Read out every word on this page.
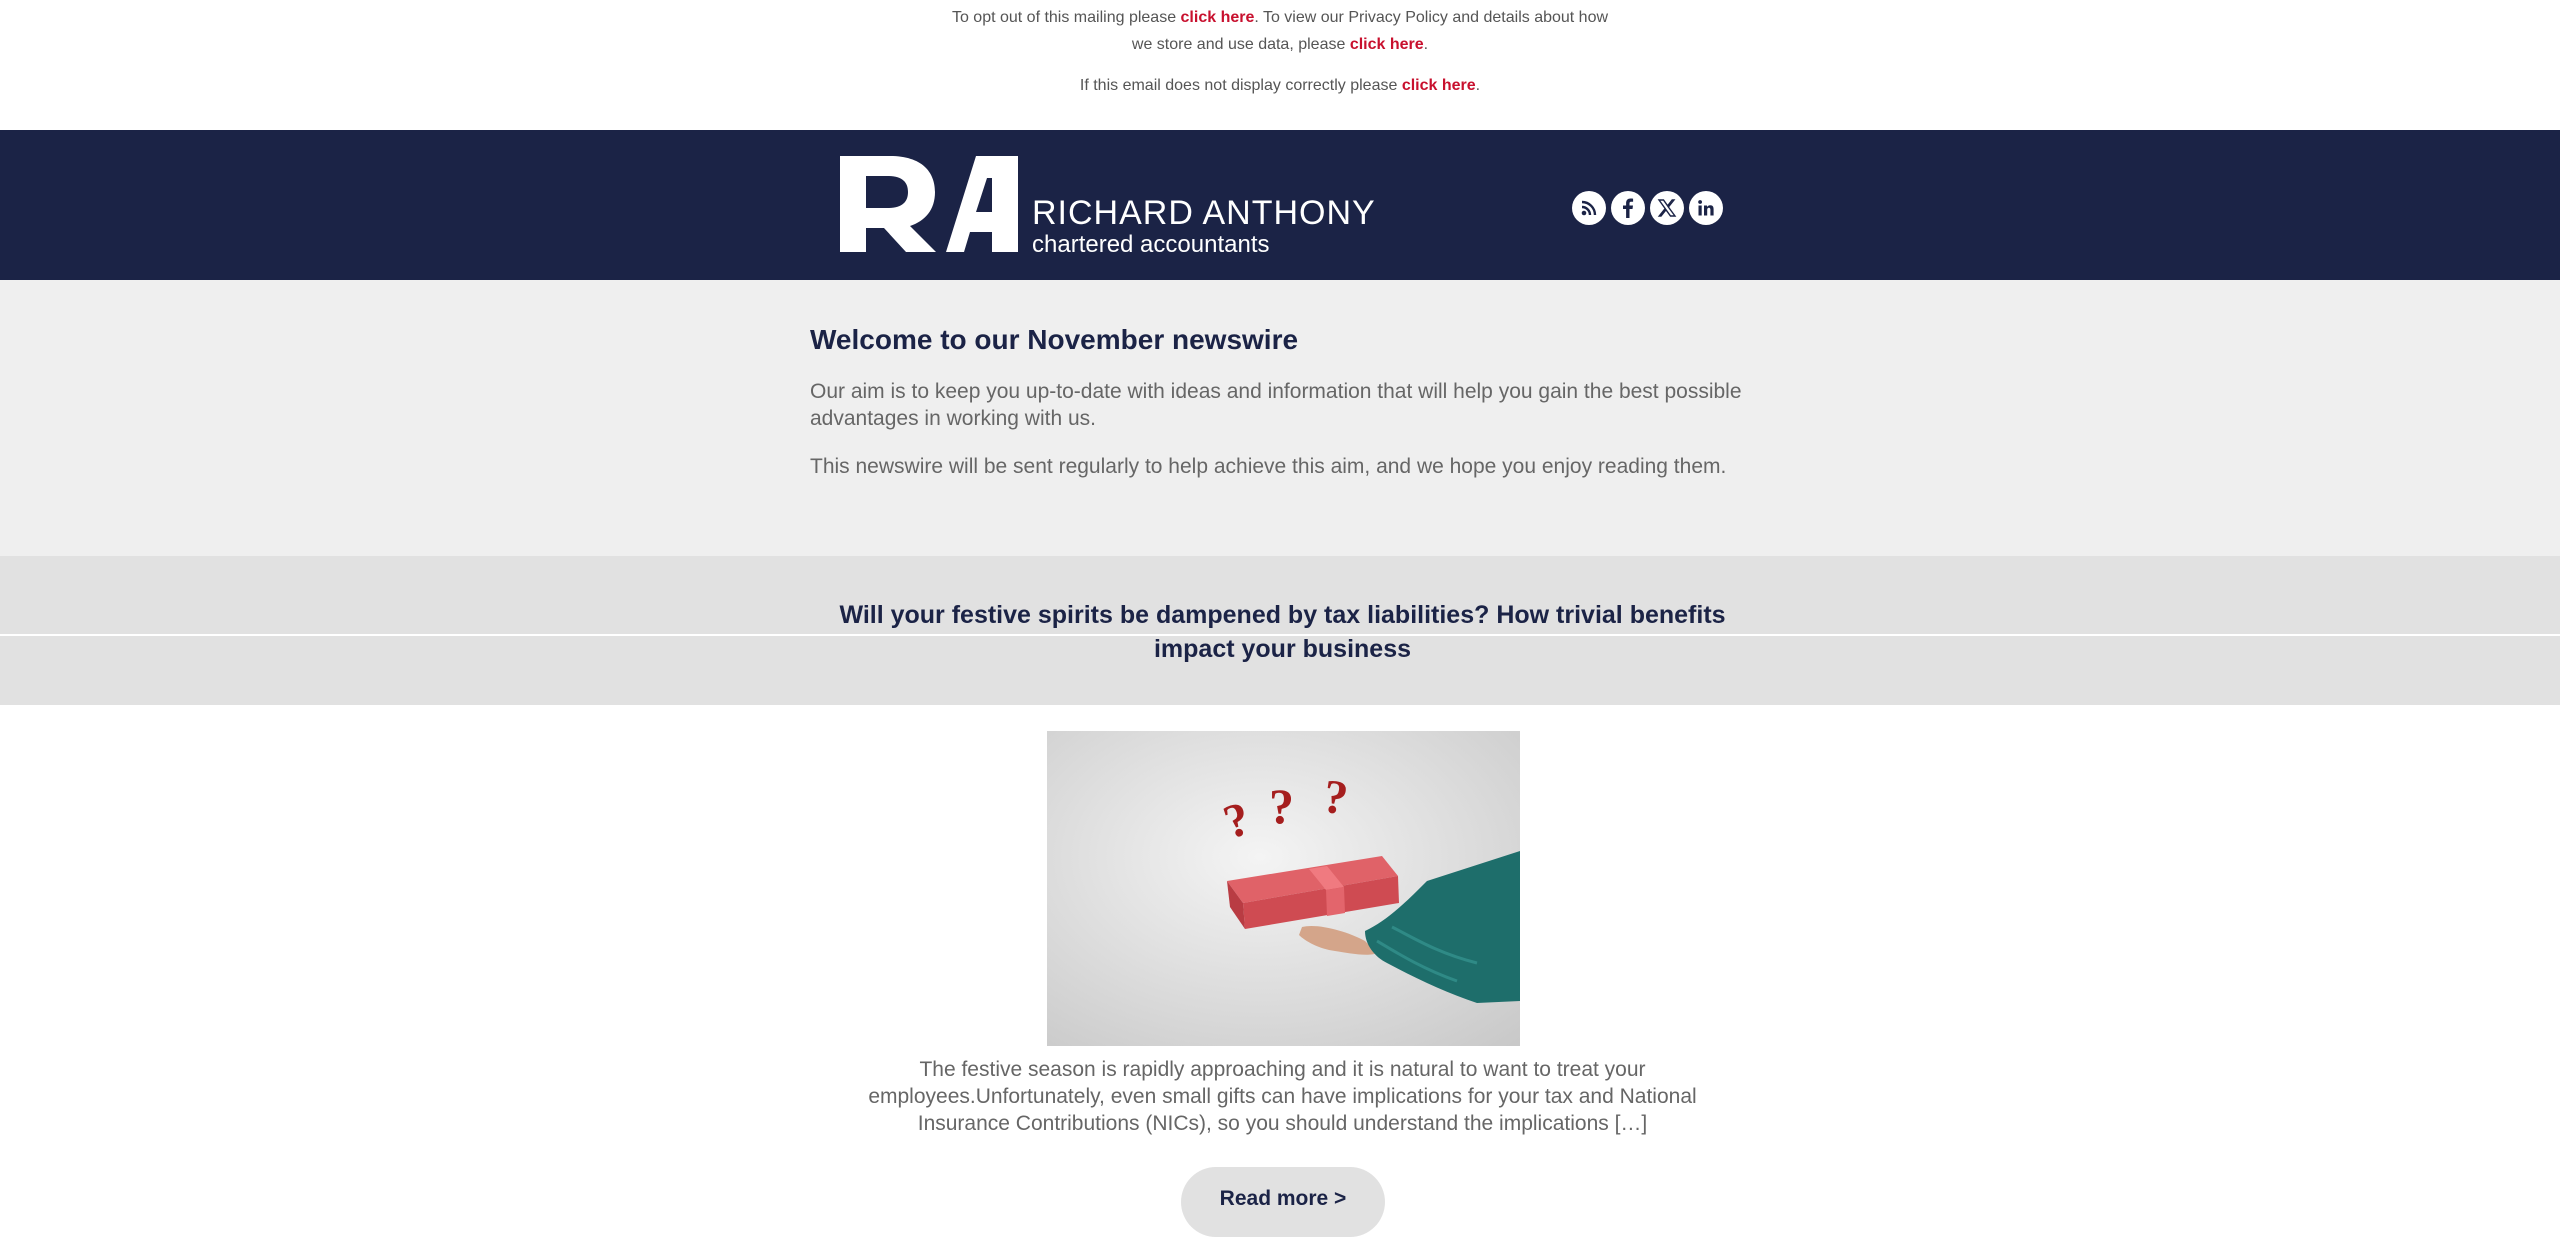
To opt out of this mailing please click here. To view our Privacy Policy and details about how
we store and use data, please click here.
If this email does not display correctly please click here.
RICHARD ANTHONY
chartered accountants
Welcome to our November newswire

Our aim is to keep you up-to-date with ideas and information that will help you gain the best possible advantages in working with us.

This newswire will be sent regularly to help achieve this aim, and we hope you enjoy reading them.

Will your festive spirits be dampened by tax liabilities? How trivial benefits impact your business
? ? ?

The festive season is rapidly approaching and it is natural to want to treat your employees.Unfortunately, even small gifts can have implications for your tax and National Insurance Contributions (NICs), so you should understand the implications […]

Read more >
